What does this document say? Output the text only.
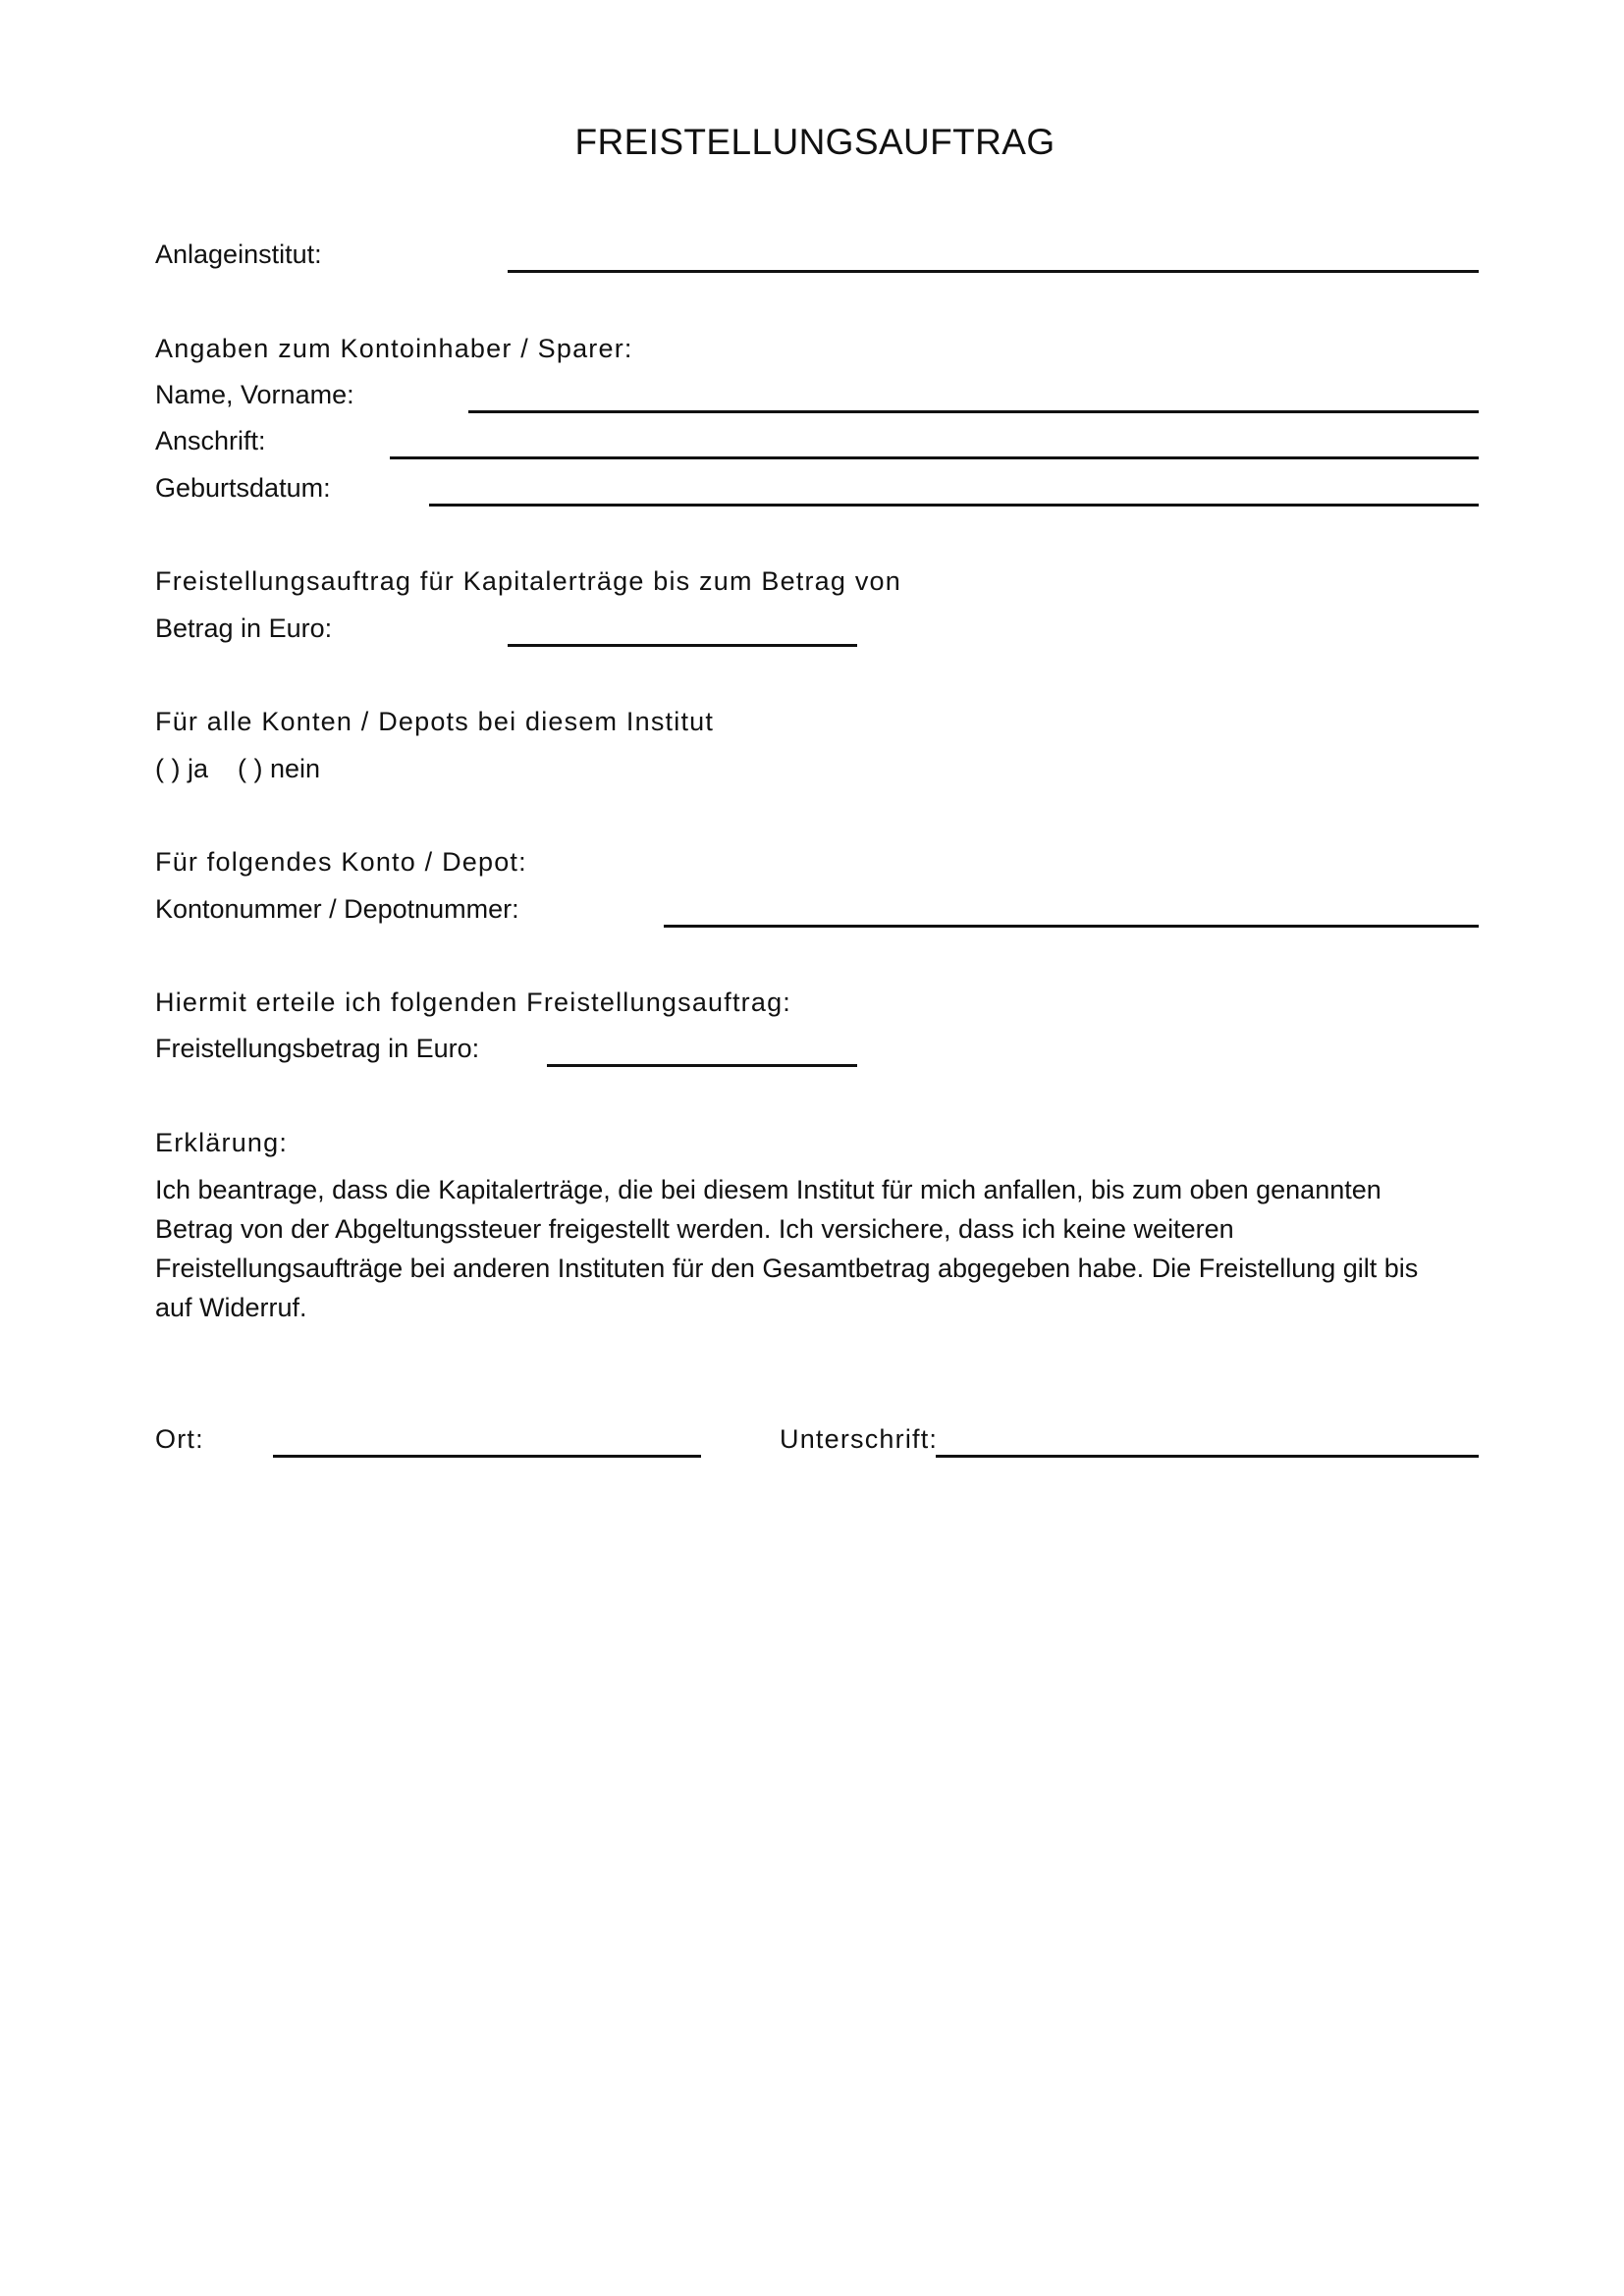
FREISTELLUNGSAUFTRAG
Anlageinstitut:
Angaben zum Kontoinhaber / Sparer:
Name, Vorname:
Anschrift:
Geburtsdatum:
Freistellungsauftrag für Kapitalerträge bis zum Betrag von
Betrag in Euro:
Für alle Konten / Depots bei diesem Institut
( ) ja    ( ) nein
Für folgendes Konto / Depot:
Kontonummer / Depotnummer:
Hiermit erteile ich folgenden Freistellungsauftrag:
Freistellungsbetrag in Euro:
Erklärung:
Ich beantrage, dass die Kapitalerträge, die bei diesem Institut für mich anfallen, bis zum oben genannten
Betrag von der Abgeltungssteuer freigestellt werden. Ich versichere, dass ich keine weiteren
Freistellungsaufträge bei anderen Instituten für den Gesamtbetrag abgegeben habe. Die Freistellung gilt bis
auf Widerruf.
Ort:	Unterschrift:
